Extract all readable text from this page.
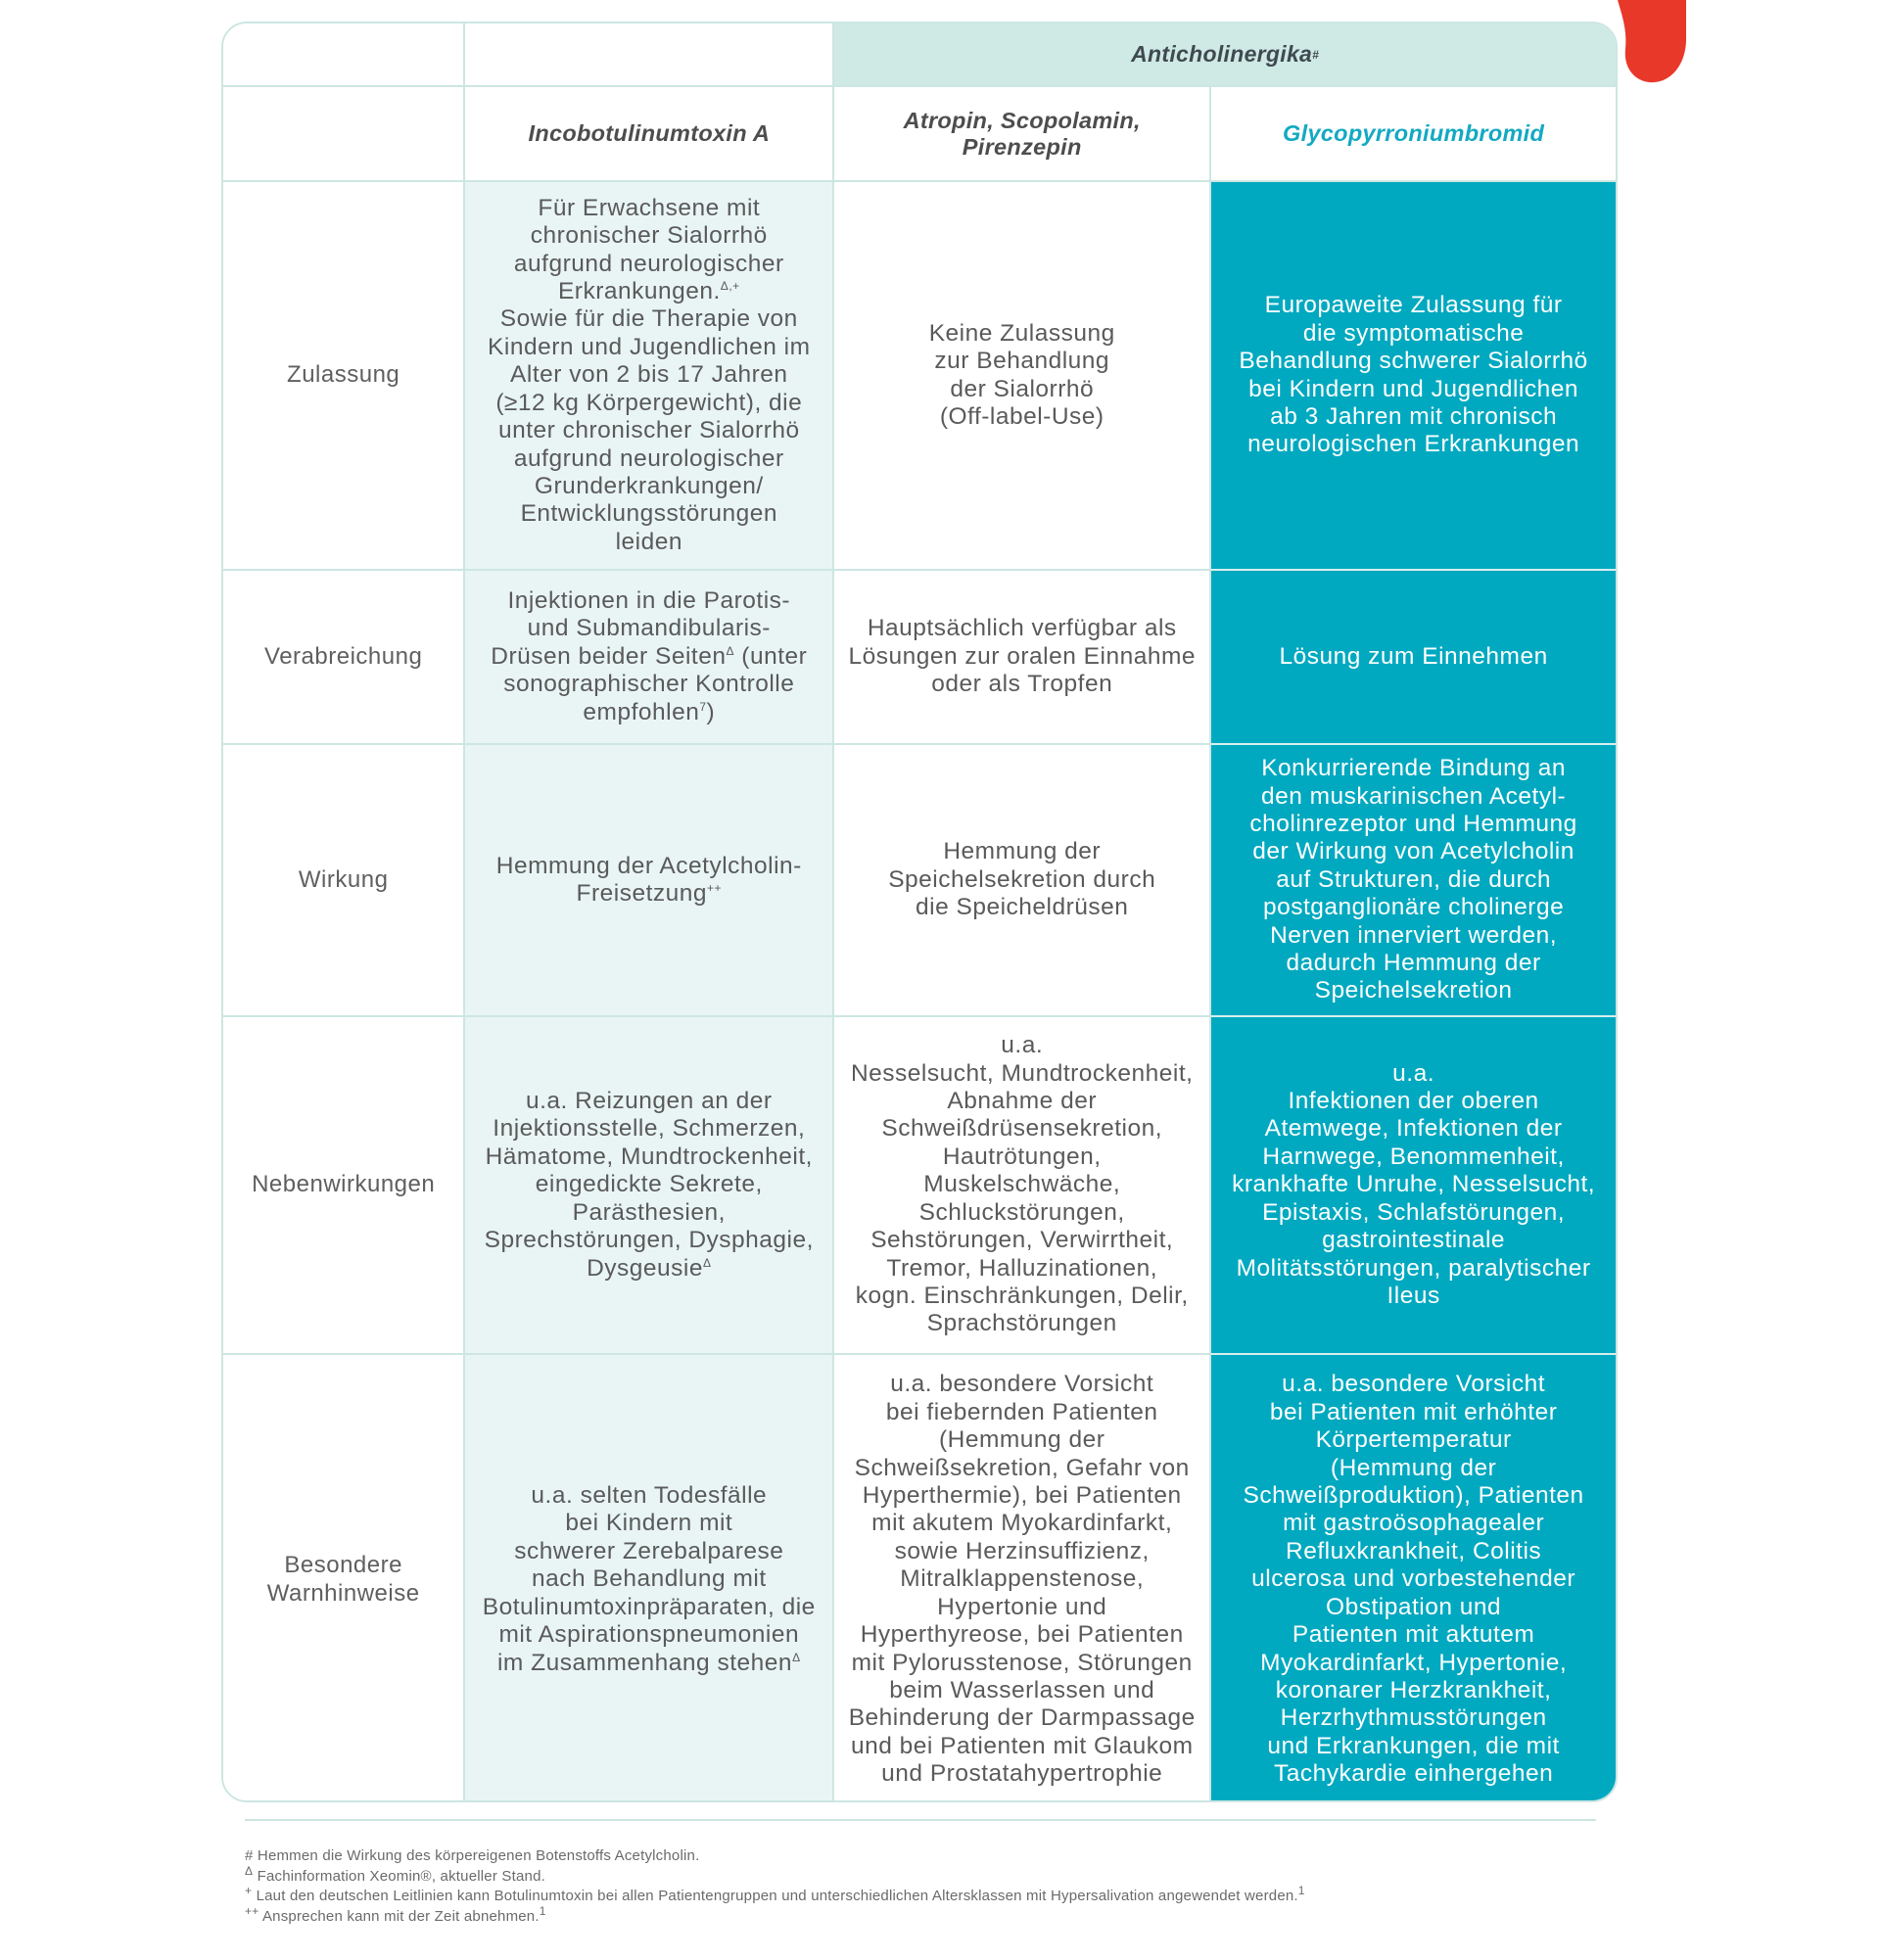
Anticholinergika #
Incobotulinumtoxin A
Atropin, Scopolamin,
Pirenzepin
Glycopyrroniumbromid
Zulassung
Für Erwachsene mit
chronischer Sialorrhö
aufgrund neurologischer
Erkrankungen.$^{\Delta,+}$
Sowie für die Therapie von
Kindern und Jugendlichen im
Alter von 2 bis 17 Jahren
(≥12 kg Körpergewicht), die
unter chronischer Sialorrhö
aufgrund neurologischer
Grunderkrankungen/
Entwicklungsstörungen
leiden
Keine Zulassung
zur Behandlung
der Sialorrhö
(Off-label-Use)
Europaweite Zulassung für
die symptomatische
Behandlung schwerer Sialorrhö
bei Kindern und Jugendlichen
ab 3 Jahren mit chronisch
neurologischen Erkrankungen
Verabreichung
Injektionen in die Parotis-
und Submandibularis-
Drüsen beider Seiten$^\Delta$ (unter
sonographischer Kontrolle
empfohlen$^7$)
Hauptsächlich verfügbar als
Lösungen zur oralen Einnahme
oder als Tropfen
Lösung zum Einnehmen
Wirkung
Hemmung der Acetylcholin-
Freisetzung++
Hemmung der
Speichelsekretion durch
die Speicheldrüsen
Konkurrierende Bindung an
den muskarinischen Acetyl-
cholinrezeptor und Hemmung
der Wirkung von Acetylcholin
auf Strukturen, die durch
postganglionäre cholinerge
Nerven innerviert werden,
dadurch Hemmung der
Speichelsekretion
Nebenwirkungen
u.a. Reizungen an der
Injektionsstelle, Schmerzen,
Hämatome, Mundtrockenheit,
eingedickte Sekrete,
Parästhesien,
Sprechstörungen, Dysphagie,
Dysgeusie$^\Delta$
u.a.
Nesselsucht, Mundtrockenheit,
Abnahme der
Schweißdrüsensekretion,
Hautrötungen,
Muskelschwäche,
Schluckstörungen,
Sehstörungen, Verwirrtheit,
Tremor, Halluzinationen,
kogn. Einschränkungen, Delir,
Sprachstörungen
u.a.
Infektionen der oberen
Atemwege, Infektionen der
Harnwege, Benommenheit,
krankhafte Unruhe, Nesselsucht,
Epistaxis, Schlafstörungen,
gastrointestinale
Molitätsstörungen, paralytischer
Ileus
Besondere
Warnhinweise
u.a. selten Todesfälle
bei Kindern mit
schwerer Zerebalparese
nach Behandlung mit
Botulinumtoxinpräparaten, die
mit Aspirationspneumonien
im Zusammenhang stehen$^\Delta$
u.a. besondere Vorsicht
bei fiebernden Patienten
(Hemmung der
Schweißsekretion, Gefahr von
Hyperthermie), bei Patienten
mit akutem Myokardinfarkt,
sowie Herzinsuffizienz,
Mitralklappenstenose,
Hypertonie und
Hyperthyreose, bei Patienten
mit Pylorusstenose, Störungen
beim Wasserlassen und
Behinderung der Darmpassage
und bei Patienten mit Glaukom
und Prostatahypertrophie
u.a. besondere Vorsicht
bei Patienten mit erhöhter
Körpertemperatur
(Hemmung der
Schweißproduktion), Patienten
mit gastroösophagealer
Refluxkrankheit, Colitis
ulcerosa und vorbestehender
Obstipation und
Patienten mit aktutem
Myokardinfarkt, Hypertonie,
koronarer Herzkrankheit,
Herzrhythmusstörungen
und Erkrankungen, die mit
Tachykardie einhergehen
# Hemmen die Wirkung des körpereigenen Botenstoffs Acetylcholin.
$^\Delta$ Fachinformation Xeomin®, aktueller Stand.
+ Laut den deutschen Leitlinien kann Botulinumtoxin bei allen Patientengruppen und unterschiedlichen Altersklassen mit Hypersalivation angewendet werden.$^1$
++ Ansprechen kann mit der Zeit abnehmen.$^1$
